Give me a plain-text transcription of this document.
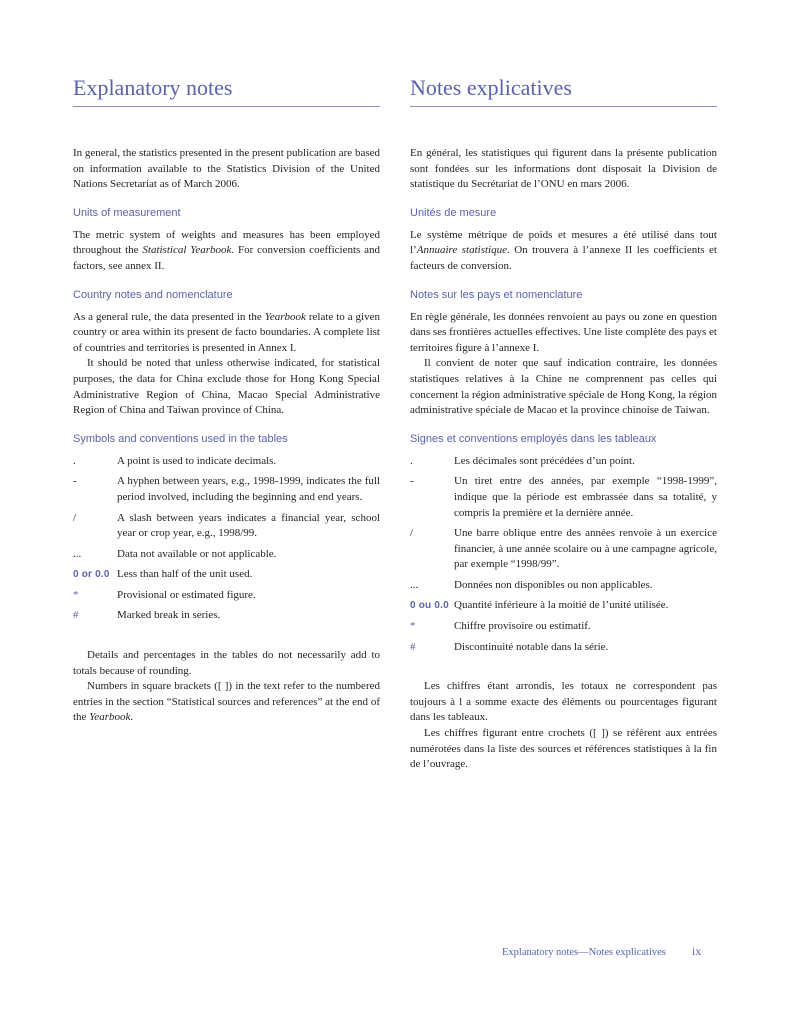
Explanatory notes

In general, the statistics presented in the present publication are based on information available to the Statistics Division of the United Nations Secretariat as of March 2006.

Units of measurement

The metric system of weights and measures has been employed throughout the Statistical Yearbook. For conversion coefficients and factors, see annex II.

Country notes and nomenclature

As a general rule, the data presented in the Yearbook relate to a given country or area within its present de facto boundaries. A complete list of countries and territories is presented in Annex I.

It should be noted that unless otherwise indicated, for statistical purposes, the data for China exclude those for Hong Kong Special Administrative Region of China, Macao Special Administrative Region of China and Taiwan province of China.

Symbols and conventions used in the tables
.	A point is used to indicate decimals.
-	A hyphen between years, e.g., 1998-1999, indicates the full period involved, including the beginning and end years.
/	A slash between years indicates a financial year, school year or crop year, e.g., 1998/99.
...	Data not available or not applicable.
0 or 0.0 Less than half of the unit used.
*	Provisional or estimated figure.
#	Marked break in series.

Details and percentages in the tables do not necessarily add to totals because of rounding.

Numbers in square brackets ([ ]) in the text refer to the numbered entries in the section “Statistical sources and references” at the end of the Yearbook.

Notes explicatives

En général, les statistiques qui figurent dans la présente publication sont fondées sur les informations dont disposait la Division de statistique du Secrétariat de l’ONU en mars 2006.

Unités de mesure

Le système métrique de poids et mesures a été utilisé dans tout l’Annuaire statistique. On trouvera à l’annexe II les coefficients et facteurs de conversion.

Notes sur les pays et nomenclature

En règle générale, les données renvoient au pays ou zone en question dans ses frontières actuelles effectives. Une liste complète des pays et territoires figure à l’annexe I.

Il convient de noter que sauf indication contraire, les données statistiques relatives à la Chine ne comprennent pas celles qui concernent la région administrative spéciale de Hong Kong, la région administrative spéciale de Macao et la province chinoise de Taiwan.

Signes et conventions employés dans les tableaux
.	Les décimales sont précédées d’un point.
-	Un tiret entre des années, par exemple “1998-1999”, indique que la période est embrassée dans sa totalité, y compris la première et la dernière année.
/	Une barre oblique entre des années renvoie à un exercice financier, à une année scolaire ou à une campagne agricole, par exemple “1998/99”.
...	Données non disponibles ou non applicables.
0 ou 0.0 Quantité inférieure à la moitié de l’unité utilisée.
*	Chiffre provisoire ou estimatif.
#	Discontinuité notable dans la série.

Les chiffres étant arrondis, les totaux ne correspondent pas toujours à l a somme exacte des éléments ou pourcentages figurant dans les tableaux.

Les chiffres figurant entre crochets ([ ]) se réfèrent aux entrées numérotées dans la liste des sources et références statistiques à la fin de l’ouvrage.

Explanatory notes—Notes explicatives ix
